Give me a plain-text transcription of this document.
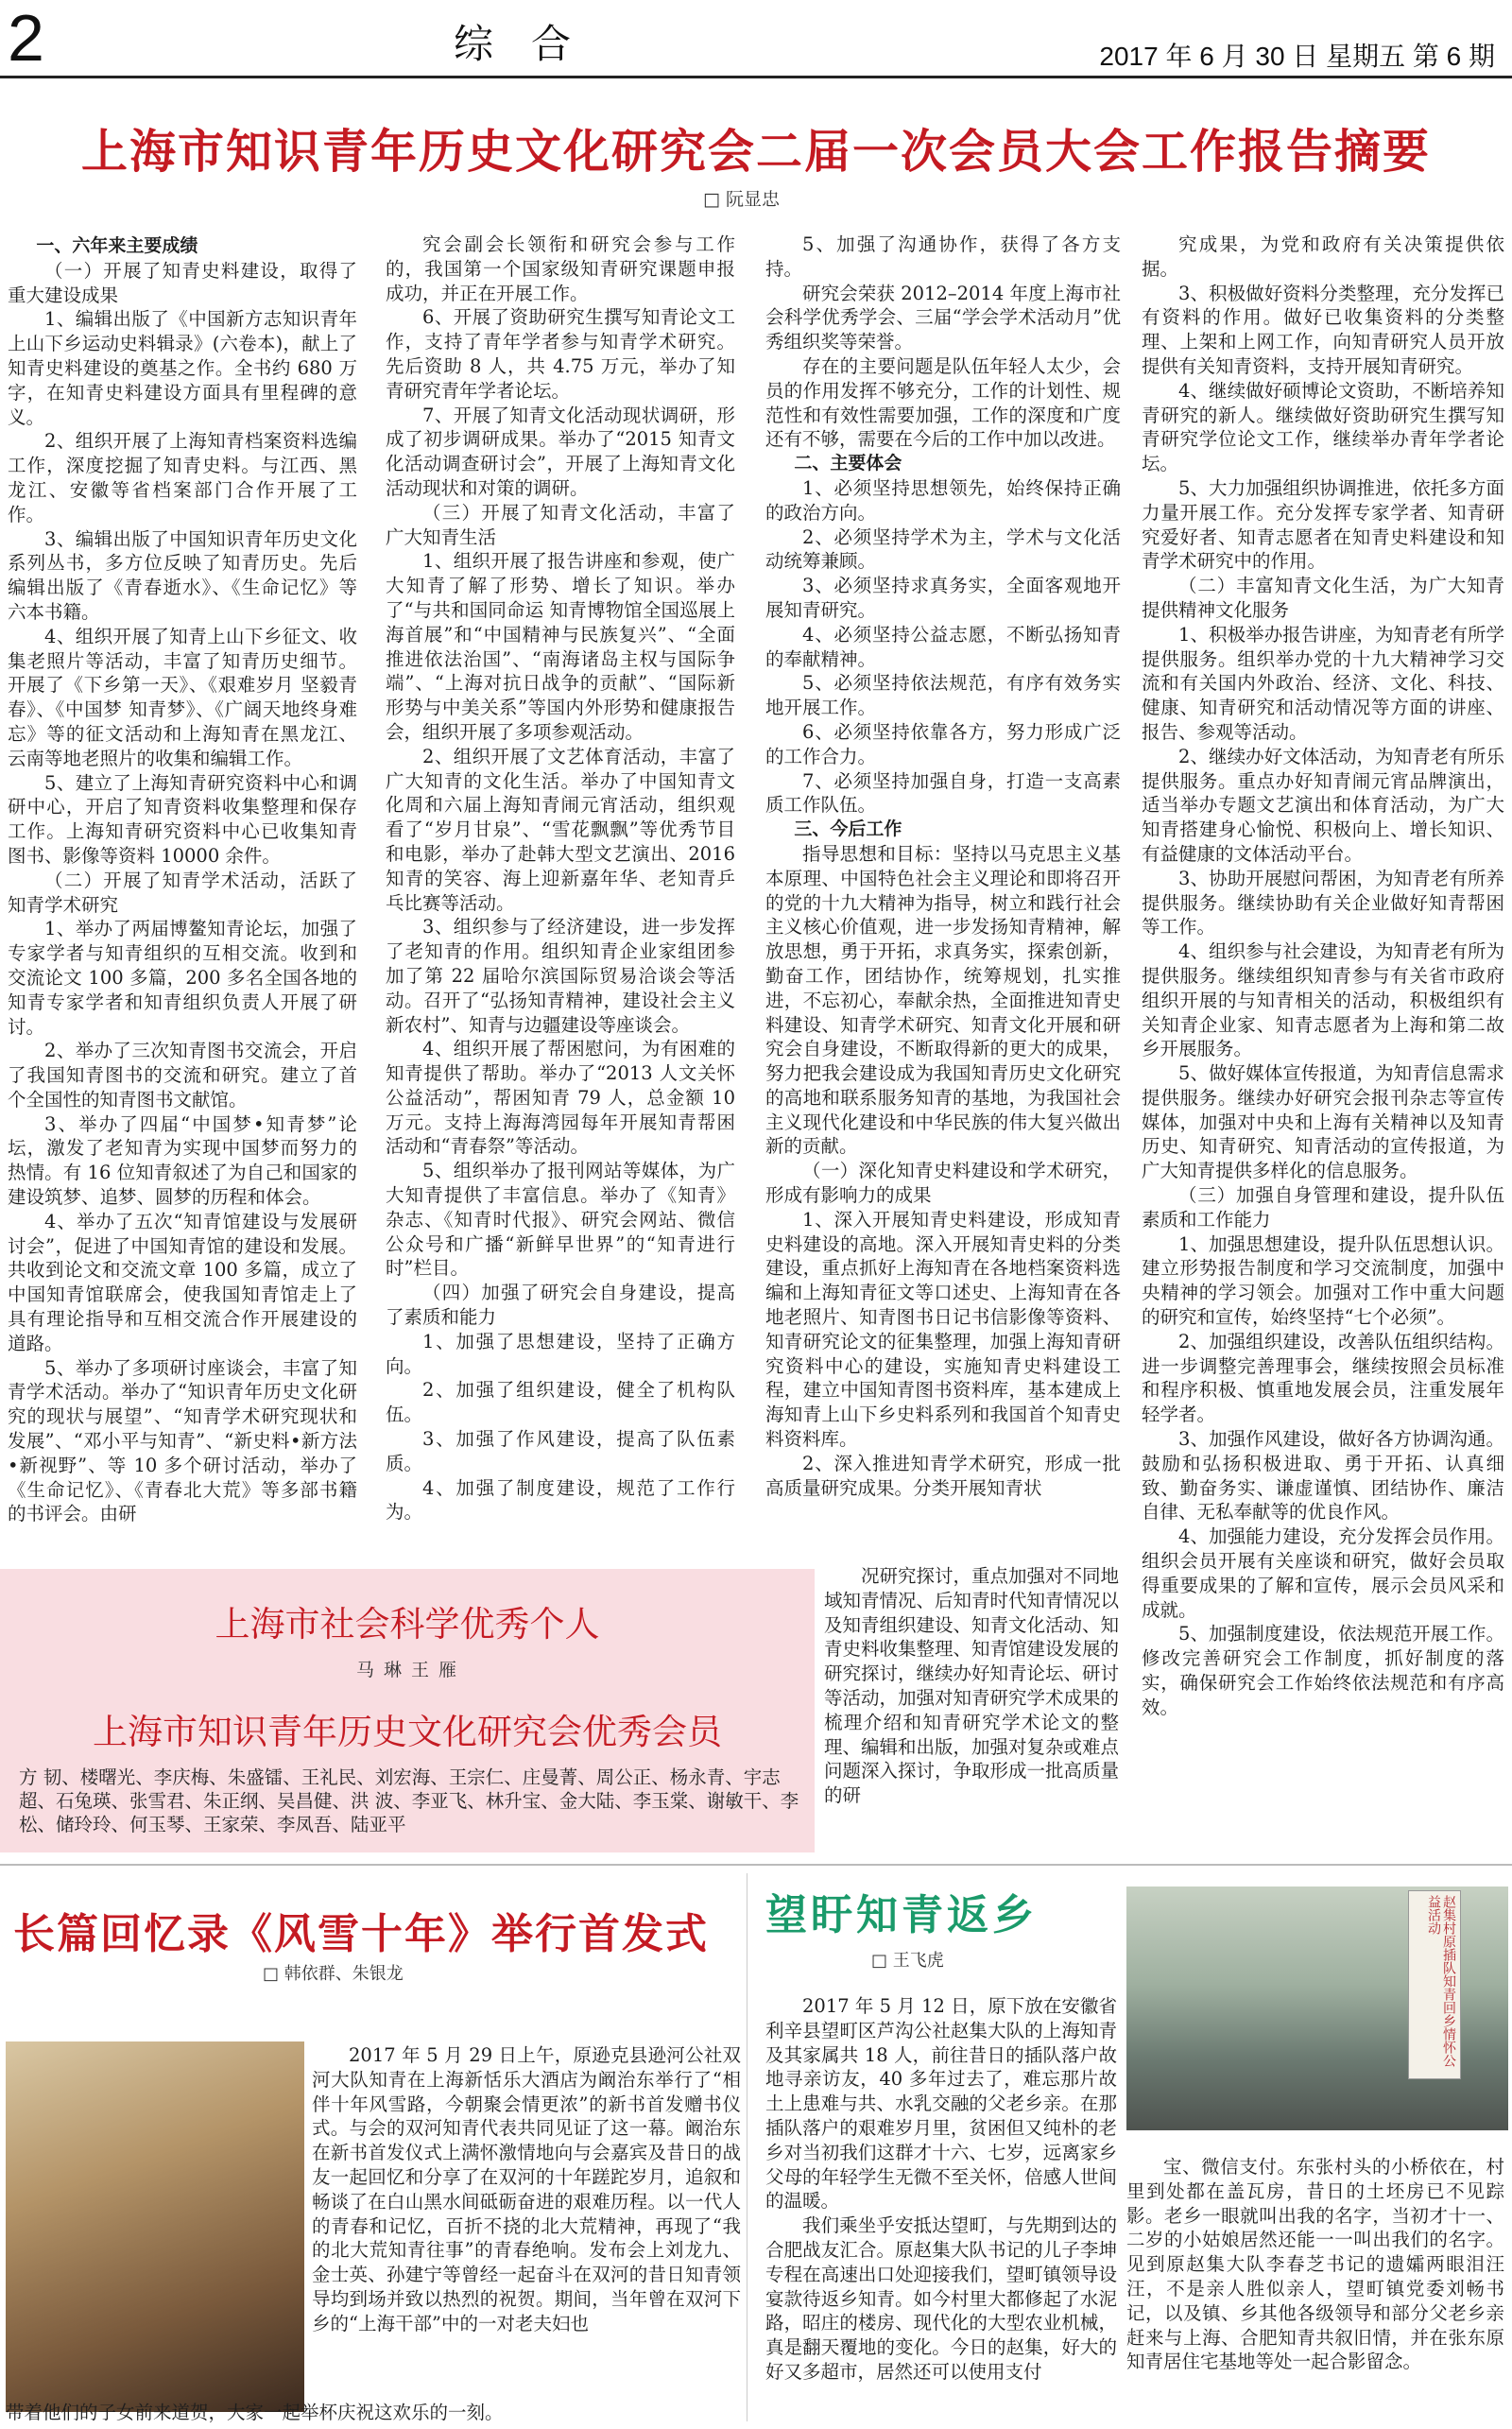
2	综合	2017 年 6 月 30 日 星期五 第 6 期
上海市知识青年历史文化研究会二届一次会员大会工作报告摘要
□ 阮显忠

一、六年来主要成绩

（一）开展了知青史料建设，取得了重大建设成果

1、编辑出版了《中国新方志知识青年上山下乡运动史料辑录》(六卷本)，献上了知青史料建设的奠基之作。全书约 680 万字，在知青史料建设方面具有里程碑的意义。

2、组织开展了上海知青档案资料选编工作，深度挖掘了知青史料。与江西、黑龙江、安徽等省档案部门合作开展了工作。

3、编辑出版了中国知识青年历史文化系列丛书，多方位反映了知青历史。先后编辑出版了《青春逝水》、《生命记忆》等六本书籍。

4、组织开展了知青上山下乡征文、收集老照片等活动，丰富了知青历史细节。开展了《下乡第一天》、《艰难岁月 坚毅青春》、《中国梦 知青梦》、《广阔天地终身难忘》等的征文活动和上海知青在黑龙江、云南等地老照片的收集和编辑工作。

5、建立了上海知青研究资料中心和调研中心，开启了知青资料收集整理和保存工作。上海知青研究资料中心已收集知青图书、影像等资料 10000 余件。

（二）开展了知青学术活动，活跃了知青学术研究

1、举办了两届博鳌知青论坛，加强了专家学者与知青组织的互相交流。收到和交流论文 100 多篇，200 多名全国各地的知青专家学者和知青组织负责人开展了研讨。

2、举办了三次知青图书交流会，开启了我国知青图书的交流和研究。建立了首个全国性的知青图书文献馆。

3、举办了四届“中国梦•知青梦”论坛，激发了老知青为实现中国梦而努力的热情。有 16 位知青叙述了为自己和国家的建设筑梦、追梦、圆梦的历程和体会。

4、举办了五次“知青馆建设与发展研讨会”，促进了中国知青馆的建设和发展。共收到论文和交流文章 100 多篇，成立了中国知青馆联席会，使我国知青馆走上了具有理论指导和互相交流合作开展建设的道路。

5、举办了多项研讨座谈会，丰富了知青学术活动。举办了“知识青年历史文化研究的现状与展望”、“知青学术研究现状和发展”、“邓小平与知青”、“新史料•新方法•新视野”、等 10 多个研讨活动，举办了《生命记忆》、《青春北大荒》等多部书籍的书评会。由研

究会副会长领衔和研究会参与工作的，我国第一个国家级知青研究课题申报成功，并正在开展工作。

6、开展了资助研究生撰写知青论文工作，支持了青年学者参与知青学术研究。先后资助 8 人，共 4.75 万元，举办了知青研究青年学者论坛。

7、开展了知青文化活动现状调研，形成了初步调研成果。举办了“2015 知青文化活动调查研讨会”，开展了上海知青文化活动现状和对策的调研。

（三）开展了知青文化活动，丰富了广大知青生活

1、组织开展了报告讲座和参观，使广大知青了解了形势、增长了知识。举办了“与共和国同命运 知青博物馆全国巡展上海首展”和“中国精神与民族复兴”、“全面推进依法治国”、“南海诸岛主权与国际争端”、“上海对抗日战争的贡献”、“国际新形势与中美关系”等国内外形势和健康报告会，组织开展了多项参观活动。

2、组织开展了文艺体育活动，丰富了广大知青的文化生活。举办了中国知青文化周和六届上海知青闹元宵活动，组织观看了“岁月甘泉”、“雪花飘飘”等优秀节目和电影，举办了赴韩大型文艺演出、2016 知青的笑容、海上迎新嘉年华、老知青乒乓比赛等活动。

3、组织参与了经济建设，进一步发挥了老知青的作用。组织知青企业家组团参加了第 22 届哈尔滨国际贸易洽谈会等活动。召开了“弘扬知青精神，建设社会主义新农村”、知青与边疆建设等座谈会。

4、组织开展了帮困慰问，为有困难的知青提供了帮助。举办了“2013 人文关怀公益活动”，帮困知青 79 人，总金额 10 万元。支持上海海湾园每年开展知青帮困活动和“青春祭”等活动。

5、组织举办了报刊网站等媒体，为广大知青提供了丰富信息。举办了《知青》杂志、《知青时代报》、研究会网站、微信公众号和广播“新鲜早世界”的“知青进行时”栏目。

（四）加强了研究会自身建设，提高了素质和能力

1、加强了思想建设，坚持了正确方向。

2、加强了组织建设，健全了机构队伍。

3、加强了作风建设，提高了队伍素质。

4、加强了制度建设，规范了工作行为。

5、加强了沟通协作，获得了各方支持。

研究会荣获 2012–2014 年度上海市社会科学优秀学会、三届“学会学术活动月”优秀组织奖等荣誉。

存在的主要问题是队伍年轻人太少，会员的作用发挥不够充分，工作的计划性、规范性和有效性需要加强，工作的深度和广度还有不够，需要在今后的工作中加以改进。

二、主要体会

1、必须坚持思想领先，始终保持正确的政治方向。

2、必须坚持学术为主，学术与文化活动统筹兼顾。

3、必须坚持求真务实，全面客观地开展知青研究。

4、必须坚持公益志愿，不断弘扬知青的奉献精神。

5、必须坚持依法规范，有序有效务实地开展工作。

6、必须坚持依靠各方，努力形成广泛的工作合力。

7、必须坚持加强自身，打造一支高素质工作队伍。

三、今后工作

指导思想和目标：坚持以马克思主义基本原理、中国特色社会主义理论和即将召开的党的十九大精神为指导，树立和践行社会主义核心价值观，进一步发扬知青精神，解放思想，勇于开拓，求真务实，探索创新，勤奋工作，团结协作，统筹规划，扎实推进，不忘初心，奉献余热，全面推进知青史料建设、知青学术研究、知青文化开展和研究会自身建设，不断取得新的更大的成果，努力把我会建设成为我国知青历史文化研究的高地和联系服务知青的基地，为我国社会主义现代化建设和中华民族的伟大复兴做出新的贡献。

（一）深化知青史料建设和学术研究，形成有影响力的成果

1、深入开展知青史料建设，形成知青史料建设的高地。深入开展知青史料的分类建设，重点抓好上海知青在各地档案资料选编和上海知青征文等口述史、上海知青在各地老照片、知青图书日记书信影像等资料、知青研究论文的征集整理，加强上海知青研究资料中心的建设，实施知青史料建设工程，建立中国知青图书资料库，基本建成上海知青上山下乡史料系列和我国首个知青史料资料库。

2、深入推进知青学术研究，形成一批高质量研究成果。分类开展知青状

况研究探讨，重点加强对不同地域知青情况、后知青时代知青情况以及知青组织建设、知青文化活动、知青史料收集整理、知青馆建设发展的研究探讨，继续办好知青论坛、研讨等活动，加强对知青研究学术成果的梳理介绍和知青研究学术论文的整理、编辑和出版，加强对复杂或难点问题深入探讨，争取形成一批高质量的研

究成果，为党和政府有关决策提供依据。

3、积极做好资料分类整理，充分发挥已有资料的作用。做好已收集资料的分类整理、上架和上网工作，向知青研究人员开放提供有关知青资料，支持开展知青研究。

4、继续做好硕博论文资助，不断培养知青研究的新人。继续做好资助研究生撰写知青研究学位论文工作，继续举办青年学者论坛。

5、大力加强组织协调推进，依托多方面力量开展工作。充分发挥专家学者、知青研究爱好者、知青志愿者在知青史料建设和知青学术研究中的作用。

（二）丰富知青文化生活，为广大知青提供精神文化服务

1、积极举办报告讲座，为知青老有所学提供服务。组织举办党的十九大精神学习交流和有关国内外政治、经济、文化、科技、健康、知青研究和活动情况等方面的讲座、报告、参观等活动。

2、继续办好文体活动，为知青老有所乐提供服务。重点办好知青闹元宵品牌演出，适当举办专题文艺演出和体育活动，为广大知青搭建身心愉悦、积极向上、增长知识、有益健康的文体活动平台。

3、协助开展慰问帮困，为知青老有所养提供服务。继续协助有关企业做好知青帮困等工作。

4、组织参与社会建设，为知青老有所为提供服务。继续组织知青参与有关省市政府组织开展的与知青相关的活动，积极组织有关知青企业家、知青志愿者为上海和第二故乡开展服务。

5、做好媒体宣传报道，为知青信息需求提供服务。继续办好研究会报刊杂志等宣传媒体，加强对中央和上海有关精神以及知青历史、知青研究、知青活动的宣传报道，为广大知青提供多样化的信息服务。

（三）加强自身管理和建设，提升队伍素质和工作能力

1、加强思想建设，提升队伍思想认识。建立形势报告制度和学习交流制度，加强中央精神的学习领会。加强对工作中重大问题的研究和宣传，始终坚持“七个必须”。

2、加强组织建设，改善队伍组织结构。进一步调整完善理事会，继续按照会员标准和程序积极、慎重地发展会员，注重发展年轻学者。

3、加强作风建设，做好各方协调沟通。鼓励和弘扬积极进取、勇于开拓、认真细致、勤奋务实、谦虚谨慎、团结协作、廉洁自律、无私奉献等的优良作风。

4、加强能力建设，充分发挥会员作用。组织会员开展有关座谈和研究，做好会员取得重要成果的了解和宣传，展示会员风采和成就。

5、加强制度建设，依法规范开展工作。修改完善研究会工作制度，抓好制度的落实，确保研究会工作始终依法规范和有序高效。

上海市社会科学优秀个人
马 琳 王 雁
上海市知识青年历史文化研究会优秀会员
方 韧、楼曙光、李庆梅、朱盛镭、王礼民、刘宏海、王宗仁、庄曼菁、周公正、杨永青、宇志超、石兔瑛、张雪君、朱正纲、吴昌健、洪 波、李亚飞、林升宝、金大陆、李玉棠、谢敏干、李 松、储玲玲、何玉琴、王家荣、李凤吾、陆亚平
长篇回忆录《风雪十年》举行首发式
□ 韩依群、朱银龙

2017 年 5 月 29 日上午，原逊克县逊河公社双河大队知青在上海新恬乐大酒店为阚治东举行了“相伴十年风雪路，今朝聚会情更浓”的新书首发赠书仪式。与会的双河知青代表共同见证了这一幕。阚治东在新书首发仪式上满怀激情地向与会嘉宾及昔日的战友一起回忆和分享了在双河的十年蹉跎岁月，追叙和畅谈了在白山黑水间砥砺奋进的艰难历程。以一代人的青春和记忆，百折不挠的北大荒精神，再现了“我的北大荒知青往事”的青春绝响。发布会上刘龙九、金士英、孙建宁等曾经一起奋斗在双河的昔日知青领导均到场并致以热烈的祝贺。期间，当年曾在双河下乡的“上海干部”中的一对老夫妇也

带着他们的子女前来道贺，大家一起举杯庆祝这欢乐的一刻。
望盱知青返乡
□ 王飞虎	赵集村原插队知青回乡情怀公益活动

2017 年 5 月 12 日，原下放在安徽省利辛县望町区芦沟公社赵集大队的上海知青及其家属共 18 人，前往昔日的插队落户故地寻亲访友，40 多年过去了，难忘那片故土上患难与共、水乳交融的父老乡亲。在那插队落户的艰难岁月里，贫困但又纯朴的老乡对当初我们这群才十六、七岁，远离家乡父母的年轻学生无微不至关怀，倍感人世间的温暖。

我们乘坐乎安抵达望町，与先期到达的合肥战友汇合。原赵集大队书记的儿子李坤专程在高速出口处迎接我们，望町镇领导设宴款待返乡知青。如今村里大都修起了水泥路，昭庄的楼房、现代化的大型农业机械，真是翻天覆地的变化。今日的赵集，好大的好又多超市，居然还可以使用支付

宝、微信支付。东张村头的小桥依在，村里到处都在盖瓦房，昔日的土坯房已不见踪影。老乡一眼就叫出我的名字，当初才十一、二岁的小姑娘居然还能一一叫出我们的名字。见到原赵集大队李春芝书记的遗孀两眼泪汪汪，不是亲人胜似亲人，望町镇党委刘畅书记，以及镇、乡其他各级领导和部分父老乡亲赶来与上海、合肥知青共叙旧情，并在张东原知青居住宅基地等处一起合影留念。
